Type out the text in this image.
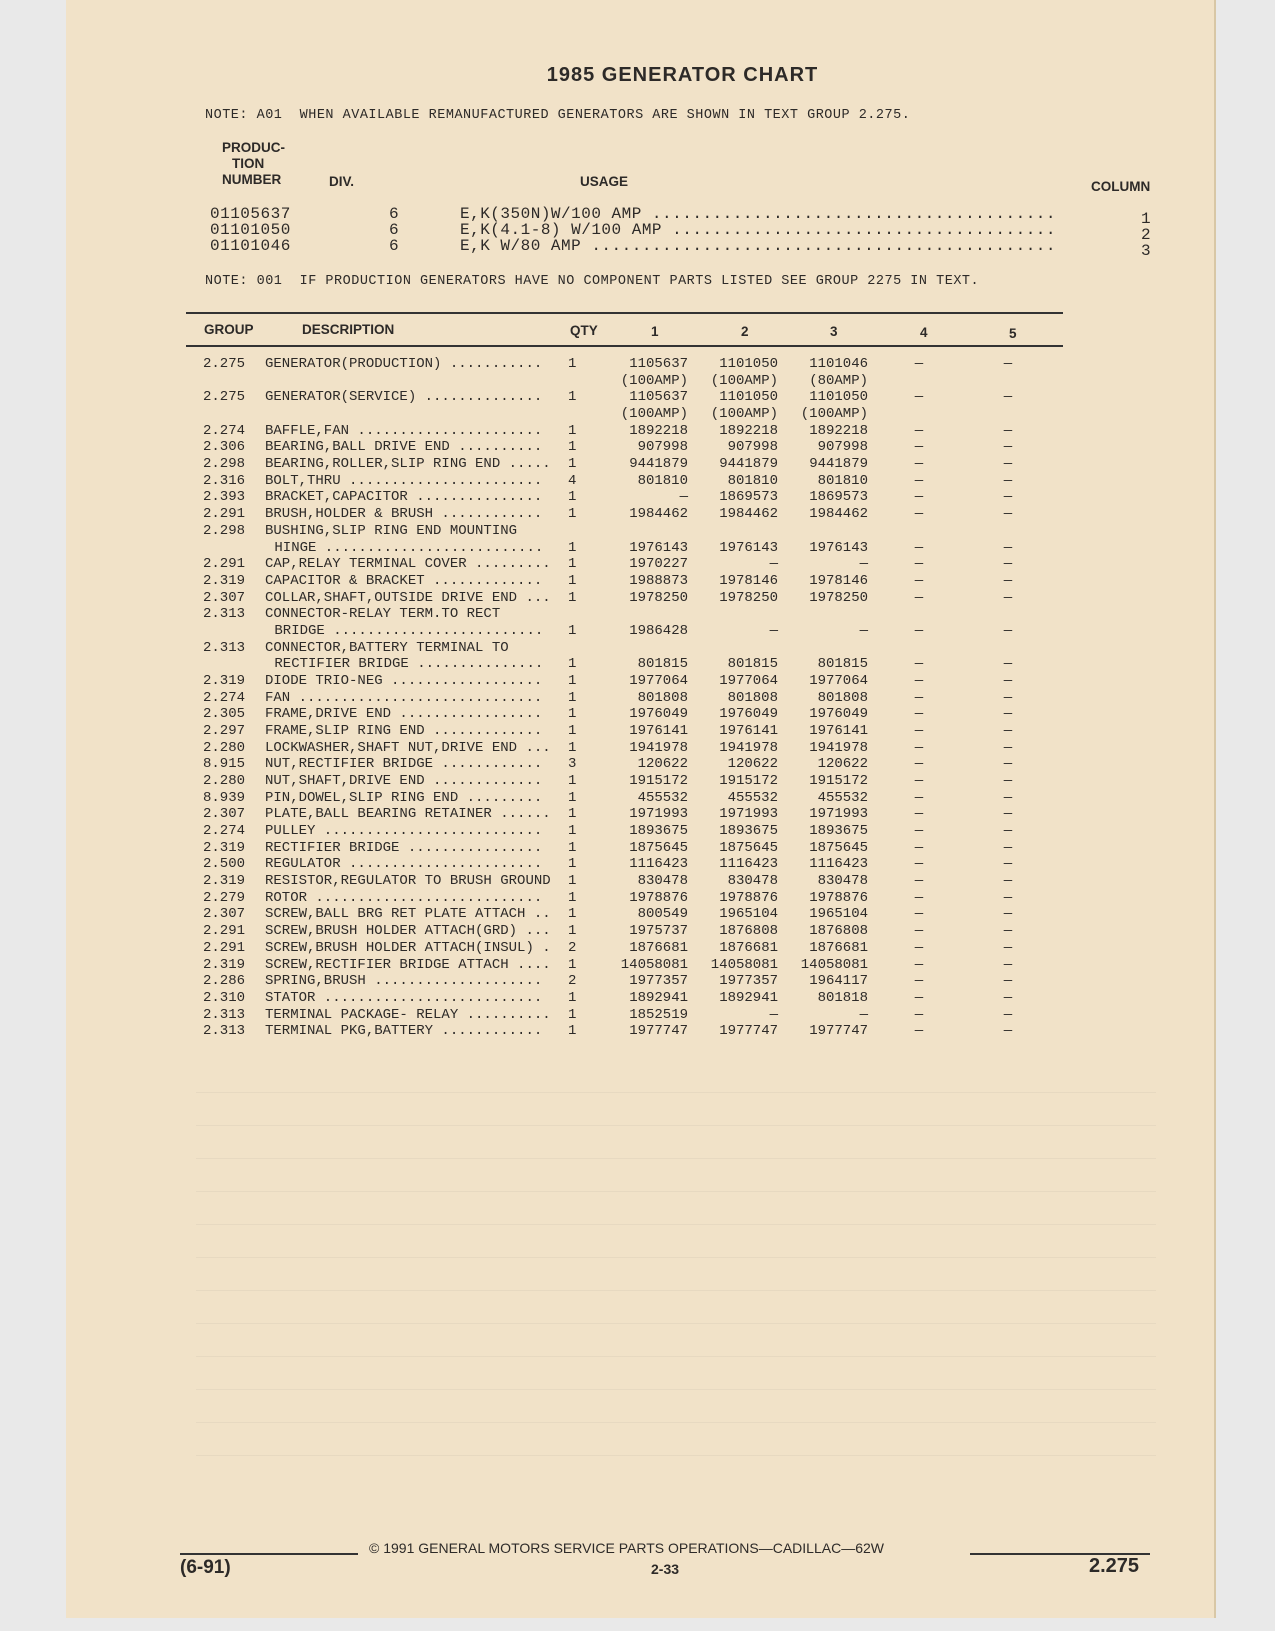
1985 GENERATOR CHART
NOTE: A01  WHEN AVAILABLE REMANUFACTURED GENERATORS ARE SHOWN IN TEXT GROUP 2.275.
PRODUC-
TION
NUMBER	DIV.	USAGE	COLUMN
01105637	6	E,K(350N)W/100 AMP ........................................	1
01101050	6	E,K(4.1-8) W/100 AMP ......................................	2
01101046	6	E,K W/80 AMP ..............................................	3
NOTE: 001  IF PRODUCTION GENERATORS HAVE NO COMPONENT PARTS LISTED SEE GROUP 2275 IN TEXT.
GROUP	DESCRIPTION	QTY	1	2	3	4	5
2.275 GENERATOR(PRODUCTION) ........... 1	1105637	1101050	1101046	—	—
(100AMP)	(100AMP)	(80AMP)
2.275 GENERATOR(SERVICE) .............. 1	1105637	1101050	1101050	—	—
(100AMP)	(100AMP)	(100AMP)
2.274 BAFFLE,FAN ...................... 1	1892218	1892218	1892218	—	—
2.306 BEARING,BALL DRIVE END .......... 1	907998	907998	907998	—	—
2.298 BEARING,ROLLER,SLIP RING END ..... 1	9441879	9441879	9441879	—	—
2.316 BOLT,THRU ....................... 4	801810	801810	801810	—	—
2.393 BRACKET,CAPACITOR ............... 1	—	1869573	1869573	—	—
2.291 BRUSH,HOLDER & BRUSH ............ 1	1984462	1984462	1984462	—	—
2.298 BUSHING,SLIP RING END MOUNTING
HINGE .......................... 1	1976143	1976143	1976143	—	—
2.291 CAP,RELAY TERMINAL COVER ......... 1	1970227	—	—	—	—
2.319 CAPACITOR & BRACKET ............. 1	1988873	1978146	1978146	—	—
2.307 COLLAR,SHAFT,OUTSIDE DRIVE END ... 1	1978250	1978250	1978250	—	—
2.313 CONNECTOR-RELAY TERM.TO RECT
BRIDGE ......................... 1	1986428	—	—	—	—
2.313 CONNECTOR,BATTERY TERMINAL TO
RECTIFIER BRIDGE ............... 1	801815	801815	801815	—	—
2.319 DIODE TRIO-NEG .................. 1	1977064	1977064	1977064	—	—
2.274 FAN ............................. 1	801808	801808	801808	—	—
2.305 FRAME,DRIVE END ................. 1	1976049	1976049	1976049	—	—
2.297 FRAME,SLIP RING END ............. 1	1976141	1976141	1976141	—	—
2.280 LOCKWASHER,SHAFT NUT,DRIVE END ... 1	1941978	1941978	1941978	—	—
8.915 NUT,RECTIFIER BRIDGE ............ 3	120622	120622	120622	—	—
2.280 NUT,SHAFT,DRIVE END ............. 1	1915172	1915172	1915172	—	—
8.939 PIN,DOWEL,SLIP RING END ......... 1	455532	455532	455532	—	—
2.307 PLATE,BALL BEARING RETAINER ...... 1	1971993	1971993	1971993	—	—
2.274 PULLEY .......................... 1	1893675	1893675	1893675	—	—
2.319 RECTIFIER BRIDGE ................ 1	1875645	1875645	1875645	—	—
2.500 REGULATOR ....................... 1	1116423	1116423	1116423	—	—
2.319 RESISTOR,REGULATOR TO BRUSH GROUND 1	830478	830478	830478	—	—
2.279 ROTOR ........................... 1	1978876	1978876	1978876	—	—
2.307 SCREW,BALL BRG RET PLATE ATTACH .. 1	800549	1965104	1965104	—	—
2.291 SCREW,BRUSH HOLDER ATTACH(GRD) ... 1	1975737	1876808	1876808	—	—
2.291 SCREW,BRUSH HOLDER ATTACH(INSUL) . 2	1876681	1876681	1876681	—	—
2.319 SCREW,RECTIFIER BRIDGE ATTACH .... 1	14058081	14058081	14058081	—	—
2.286 SPRING,BRUSH .................... 2	1977357	1977357	1964117	—	—
2.310 STATOR .......................... 1	1892941	1892941	801818	—	—
2.313 TERMINAL PACKAGE- RELAY .......... 1	1852519	—	—	—	—
2.313 TERMINAL PKG,BATTERY ............ 1	1977747	1977747	1977747	—	—
© 1991 GENERAL MOTORS SERVICE PARTS OPERATIONS—CADILLAC—62W
2-33
(6-91)	2.275
